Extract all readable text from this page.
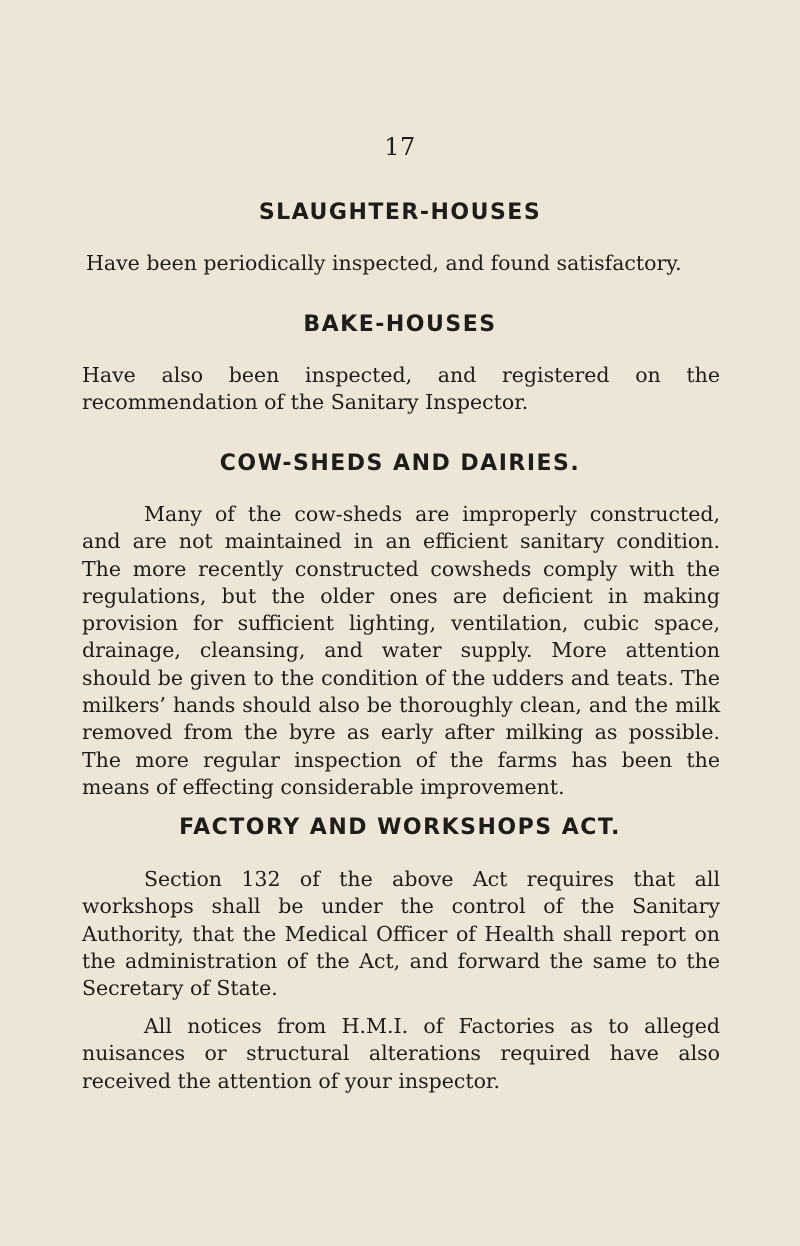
17
SLAUGHTER-HOUSES

Have been periodically inspected, and found satisfactory.

BAKE-HOUSES

Have also been inspected, and registered on the recommendation of the Sanitary Inspector.

COW-SHEDS AND DAIRIES.

Many of the cow-sheds are improperly constructed, and are not maintained in an efficient sanitary condition. The more recently constructed cowsheds comply with the regulations, but the older ones are deficient in making provision for sufficient lighting, ventilation, cubic space, drainage, cleansing, and water supply. More attention should be given to the condition of the udders and teats. The milkers’ hands should also be thoroughly clean, and the milk removed from the byre as early after milking as possible. The more regular inspection of the farms has been the means of effecting considerable improvement.

FACTORY AND WORKSHOPS ACT.

Section 132 of the above Act requires that all workshops shall be under the control of the Sanitary Authority, that the Medical Officer of Health shall report on the administration of the Act, and forward the same to the Secretary of State.

All notices from H.M.I. of Factories as to alleged nuisances or structural alterations required have also received the attention of your inspector.
